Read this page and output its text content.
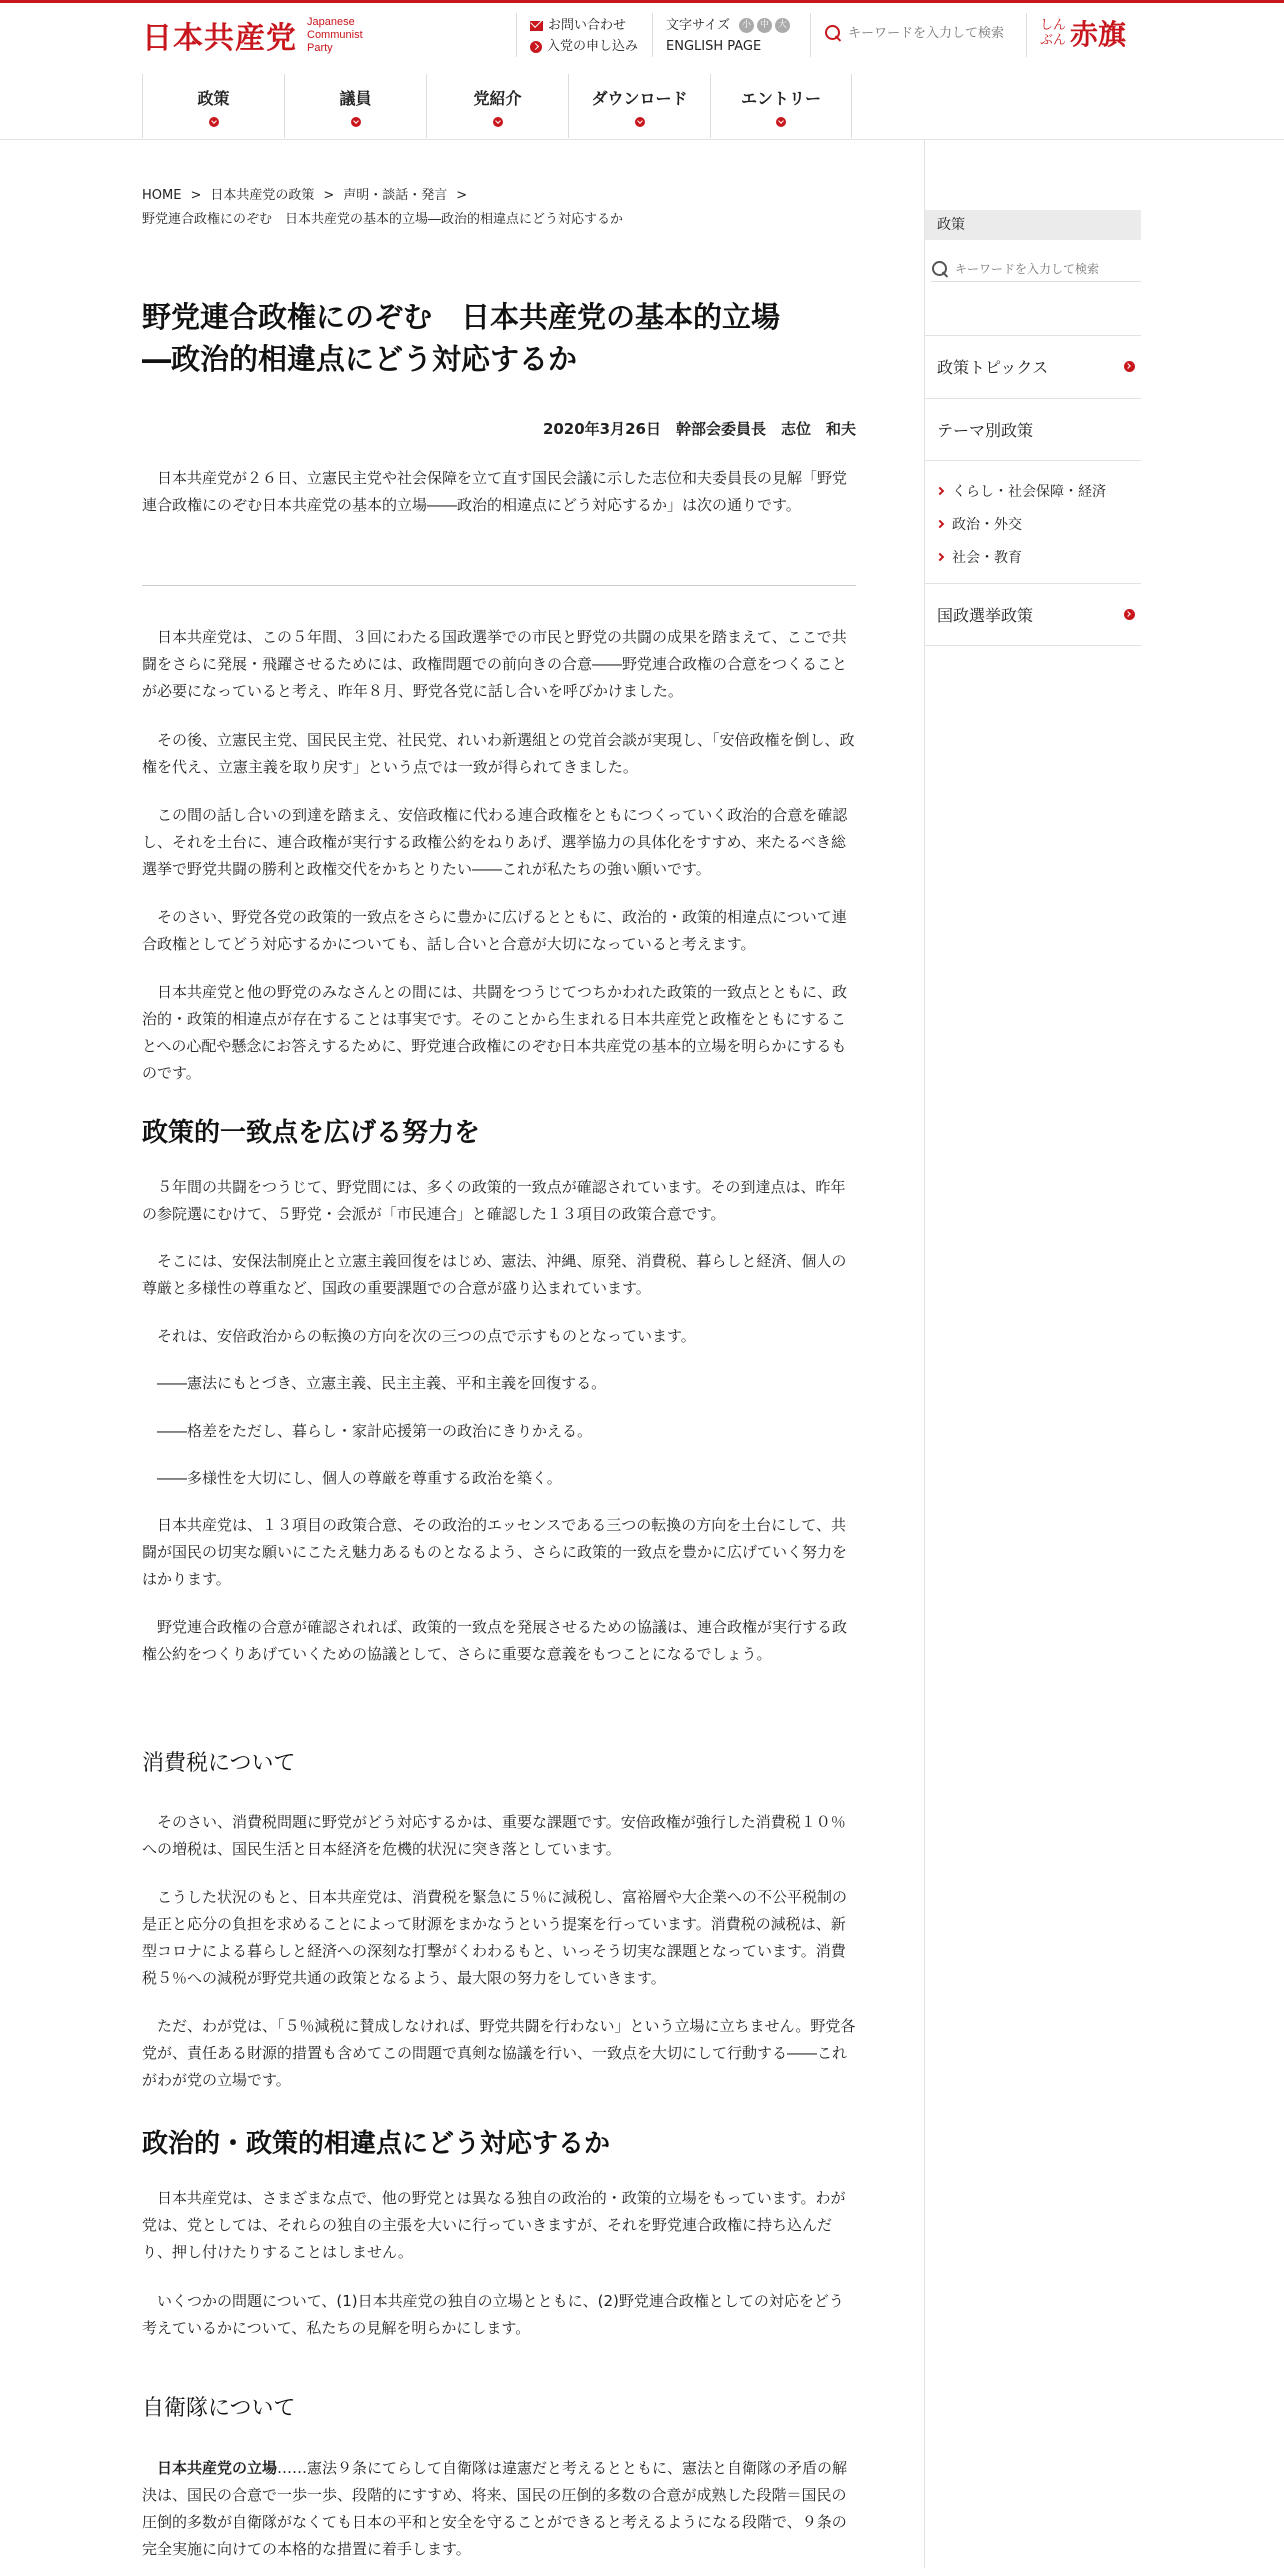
日本共産党 Japanese
Communist
Party
お問い合わせ
入党の申し込み
文字サイズ	小 中 大
ENGLISH PAGE
キーワードを入力して検索
しんぶん 赤旗
政策	議員	党紹介	ダウンロード	エントリー
HOME > 日本共産党の政策 > 声明・談話・発言 >
野党連合政権にのぞむ　日本共産党の基本的立場―政治的相違点にどう対応するか
野党連合政権にのぞむ　日本共産党の基本的立場
―政治的相違点にどう対応するか
2020年3月26日　幹部会委員長　志位　和夫

日本共産党が２６日、立憲民主党や社会保障を立て直す国民会議に示した志位和夫委員長の見解「野党連合政権にのぞむ日本共産党の基本的立場――政治的相違点にどう対応するか」は次の通りです。

日本共産党は、この５年間、３回にわたる国政選挙での市民と野党の共闘の成果を踏まえて、ここで共闘をさらに発展・飛躍させるためには、政権問題での前向きの合意――野党連合政権の合意をつくることが必要になっていると考え、昨年８月、野党各党に話し合いを呼びかけました。

その後、立憲民主党、国民民主党、社民党、れいわ新選組との党首会談が実現し、「安倍政権を倒し、政権を代え、立憲主義を取り戻す」という点では一致が得られてきました。

この間の話し合いの到達を踏まえ、安倍政権に代わる連合政権をともにつくっていく政治的合意を確認し、それを土台に、連合政権が実行する政権公約をねりあげ、選挙協力の具体化をすすめ、来たるべき総選挙で野党共闘の勝利と政権交代をかちとりたい――これが私たちの強い願いです。

そのさい、野党各党の政策的一致点をさらに豊かに広げるとともに、政治的・政策的相違点について連合政権としてどう対応するかについても、話し合いと合意が大切になっていると考えます。

日本共産党と他の野党のみなさんとの間には、共闘をつうじてつちかわれた政策的一致点とともに、政治的・政策的相違点が存在することは事実です。そのことから生まれる日本共産党と政権をともにすることへの心配や懸念にお答えするために、野党連合政権にのぞむ日本共産党の基本的立場を明らかにするものです。

政策的一致点を広げる努力を

５年間の共闘をつうじて、野党間には、多くの政策的一致点が確認されています。その到達点は、昨年の参院選にむけて、５野党・会派が「市民連合」と確認した１３項目の政策合意です。

そこには、安保法制廃止と立憲主義回復をはじめ、憲法、沖縄、原発、消費税、暮らしと経済、個人の尊厳と多様性の尊重など、国政の重要課題での合意が盛り込まれています。

それは、安倍政治からの転換の方向を次の三つの点で示すものとなっています。

――憲法にもとづき、立憲主義、民主主義、平和主義を回復する。

――格差をただし、暮らし・家計応援第一の政治にきりかえる。

――多様性を大切にし、個人の尊厳を尊重する政治を築く。

日本共産党は、１３項目の政策合意、その政治的エッセンスである三つの転換の方向を土台にして、共闘が国民の切実な願いにこたえ魅力あるものとなるよう、さらに政策的一致点を豊かに広げていく努力をはかります。

野党連合政権の合意が確認されれば、政策的一致点を発展させるための協議は、連合政権が実行する政権公約をつくりあげていくための協議として、さらに重要な意義をもつことになるでしょう。

消費税について

そのさい、消費税問題に野党がどう対応するかは、重要な課題です。安倍政権が強行した消費税１０％への増税は、国民生活と日本経済を危機的状況に突き落としています。

こうした状況のもと、日本共産党は、消費税を緊急に５％に減税し、富裕層や大企業への不公平税制の是正と応分の負担を求めることによって財源をまかなうという提案を行っています。消費税の減税は、新型コロナによる暮らしと経済への深刻な打撃がくわわるもと、いっそう切実な課題となっています。消費税５％への減税が野党共通の政策となるよう、最大限の努力をしていきます。

ただ、わが党は、「５％減税に賛成しなければ、野党共闘を行わない」という立場に立ちません。野党各党が、責任ある財源的措置も含めてこの問題で真剣な協議を行い、一致点を大切にして行動する――これがわが党の立場です。

政治的・政策的相違点にどう対応するか

日本共産党は、さまざまな点で、他の野党とは異なる独自の政治的・政策的立場をもっています。わが党は、党としては、それらの独自の主張を大いに行っていきますが、それを野党連合政権に持ち込んだり、押し付けたりすることはしません。

いくつかの問題について、(1)日本共産党の独自の立場とともに、(2)野党連合政権としての対応をどう考えているかについて、私たちの見解を明らかにします。

自衛隊について

日本共産党の立場……憲法９条にてらして自衛隊は違憲だと考えるとともに、憲法と自衛隊の矛盾の解決は、国民の合意で一歩一歩、段階的にすすめ、将来、国民の圧倒的多数の合意が成熟した段階＝国民の圧倒的多数が自衛隊がなくても日本の平和と安全を守ることができると考えるようになる段階で、９条の完全実施に向けての本格的な措置に着手します。

政策
キーワードを入力して検索
政策トピックス
テーマ別政策
くらし・社会保障・経済
政治・外交
社会・教育
国政選挙政策
